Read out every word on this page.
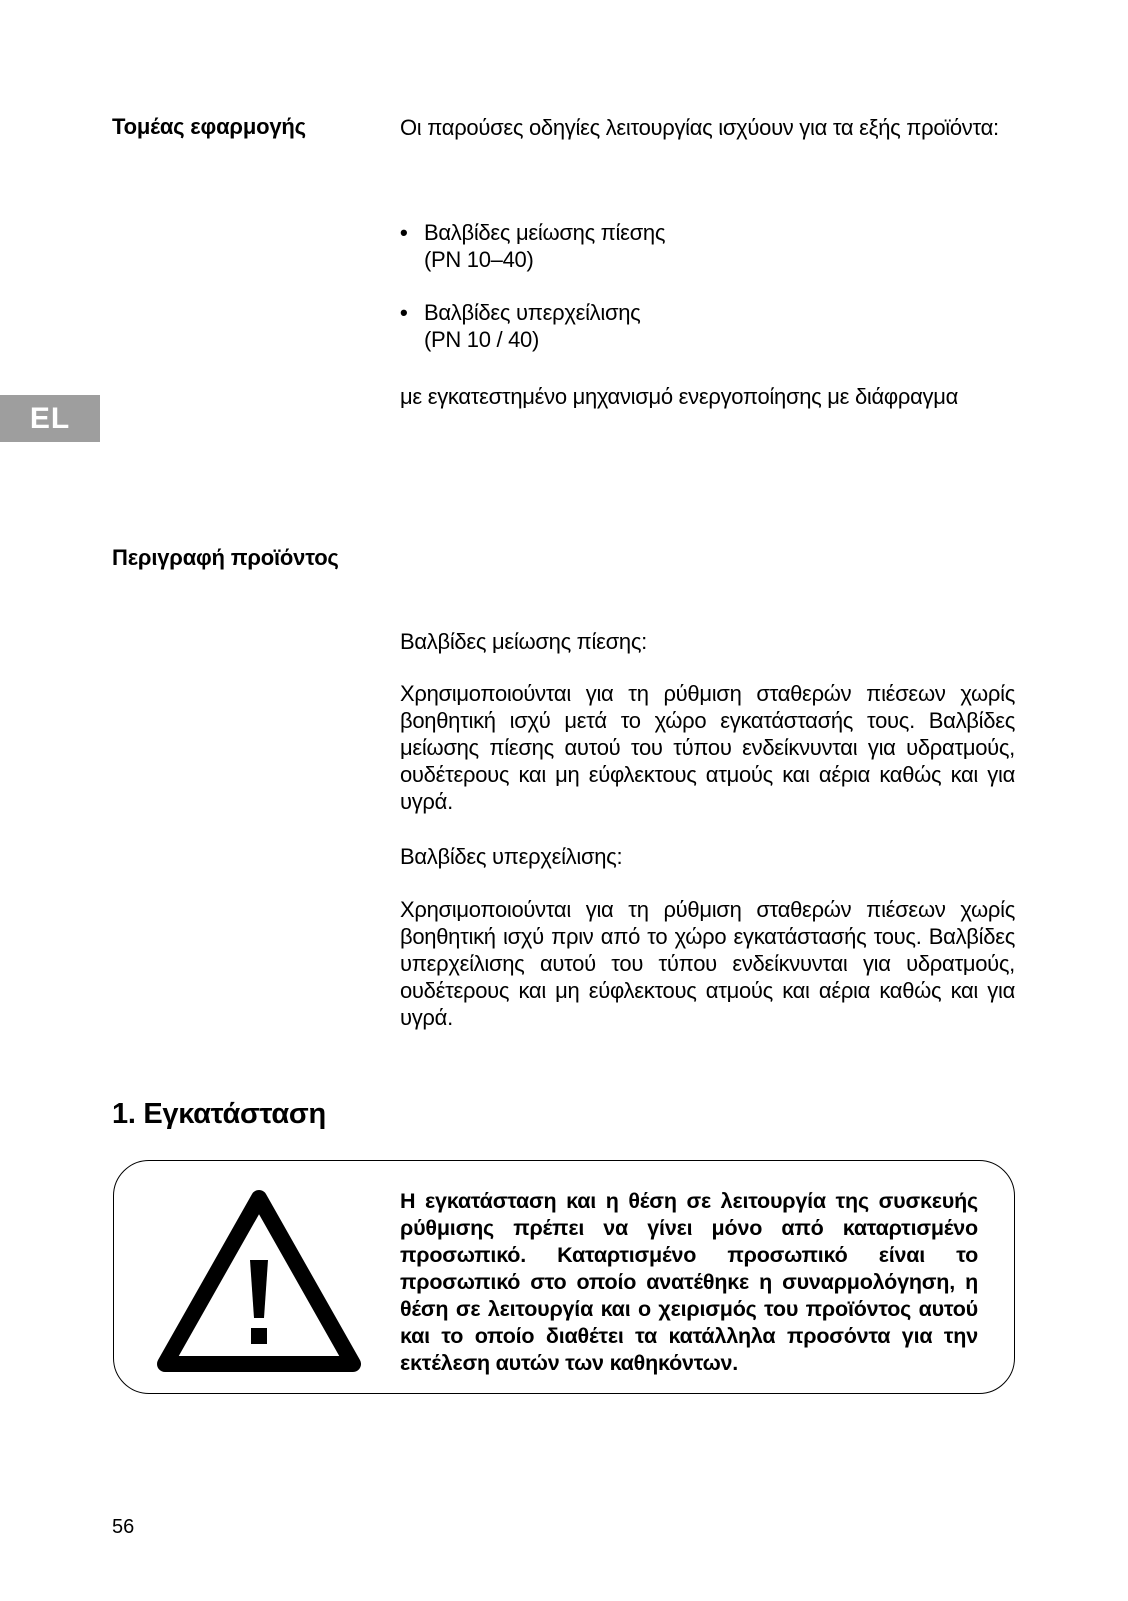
EL
Τομέας εφαρμογής	Οι παρούσες οδηγίες λειτουργίας ισχύουν για τα εξής προϊόντα:
• Βαλβίδες μείωσης πίεσης
(PN 10–40)
• Βαλβίδες υπερχείλισης
(PN 10 / 40)
με εγκατεστημένο μηχανισμό ενεργοποίησης με διάφραγμα
Περιγραφή προϊόντος
Βαλβίδες μείωσης πίεσης:
Χρησιμοποιούνται για τη ρύθμιση σταθερών πιέσεων χωρίς βοηθητική ισχύ μετά το χώρο εγκατάστασής τους. Βαλβίδες μείωσης πίεσης αυτού του τύπου ενδείκνυνται για υδρατμούς, ουδέτερους και μη εύφλεκτους ατμούς και αέρια καθώς και για υγρά.
Βαλβίδες υπερχείλισης:
Χρησιμοποιούνται για τη ρύθμιση σταθερών πιέσεων χωρίς βοηθητική ισχύ πριν από το χώρο εγκατάστασής τους. Βαλβίδες υπερχείλισης αυτού του τύπου ενδείκνυνται για υδρατμούς, ουδέτερους και μη εύφλεκτους ατμούς και αέρια καθώς και για υγρά.
1. Εγκατάσταση
Η εγκατάσταση και η θέση σε λειτουργία της συσκευής ρύθμισης πρέπει να γίνει μόνο από καταρτισμένο προσωπικό. Καταρτισμένο προσωπικό είναι το προσωπικό στο οποίο ανατέθηκε η συναρμολόγηση, η θέση σε λειτουργία και ο χειρισμός του προϊόντος αυτού και το οποίο διαθέτει τα κατάλληλα προσόντα για την εκτέλεση αυτών των καθηκόντων.
56
